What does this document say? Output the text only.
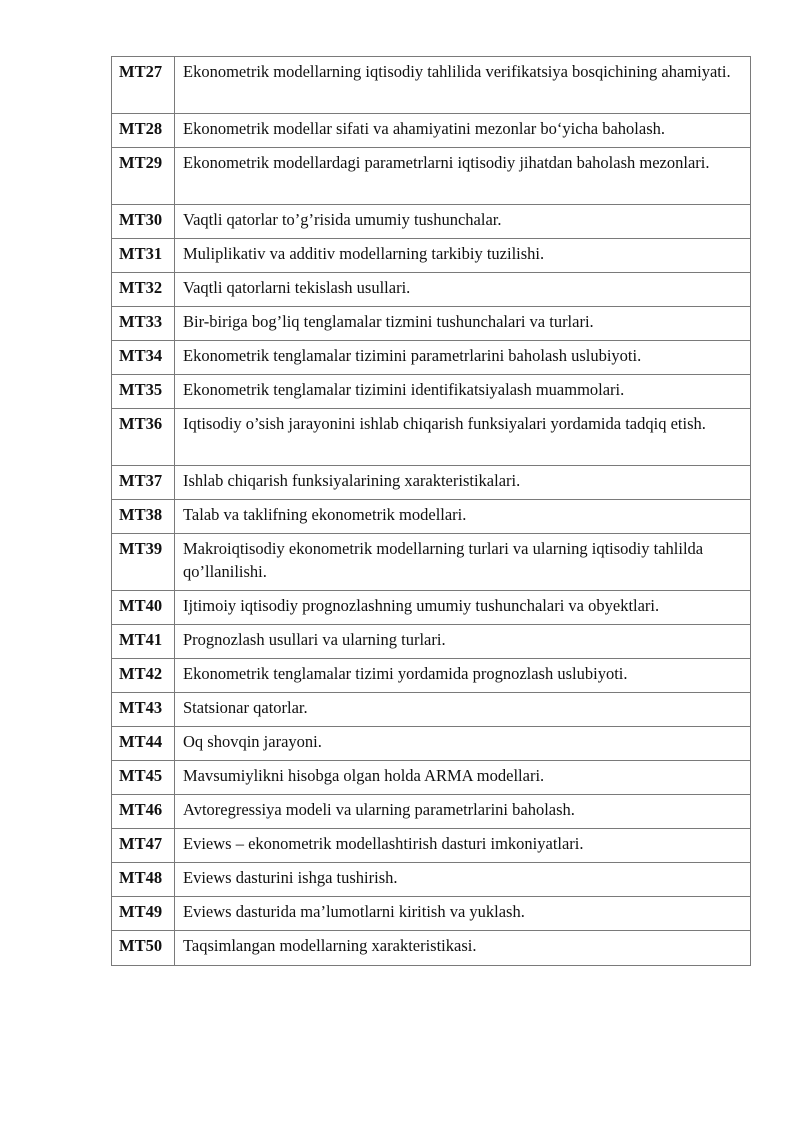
MT27	Ekonometrik modellarning iqtisodiy tahlilida verifikatsiya bosqichining ahamiyati.
MT28	Ekonometrik modellar sifati va ahamiyatini mezonlar bo‘yicha baholash.
MT29	Ekonometrik modellardagi parametrlarni iqtisodiy jihatdan baholash mezonlari.
MT30	Vaqtli qatorlar to’g’risida umumiy tushunchalar.
MT31	Muliplikativ va additiv modellarning tarkibiy tuzilishi.
MT32	Vaqtli qatorlarni tekislash usullari.
MT33	Bir-biriga bog’liq tenglamalar tizmini tushunchalari va turlari.
MT34	Ekonometrik tenglamalar tizimini parametrlarini baholash uslubiyoti.
MT35	Ekonometrik tenglamalar tizimini identifikatsiyalash muammolari.
MT36	Iqtisodiy o’sish jarayonini ishlab chiqarish funksiyalari yordamida tadqiq etish.
MT37	Ishlab chiqarish funksiyalarining xarakteristikalari.
MT38	Talab va taklifning ekonometrik modellari.
MT39	Makroiqtisodiy ekonometrik modellarning turlari va ularning iqtisodiy tahlilda qo’llanilishi.
MT40	Ijtimoiy iqtisodiy prognozlashning umumiy tushunchalari va obyektlari.
MT41	Prognozlash usullari va ularning turlari.
MT42	Ekonometrik tenglamalar tizimi yordamida prognozlash uslubiyoti.
MT43	Statsionar qatorlar.
MT44	Oq shovqin jarayoni.
MT45	Mavsumiylikni hisobga olgan holda ARMA modellari.
MT46	Avtoregressiya modeli va ularning parametrlarini baholash.
MT47	Eviews – ekonometrik modellashtirish dasturi imkoniyatlari.
MT48	Eviews dasturini ishga tushirish.
MT49	Eviews dasturida ma’lumotlarni kiritish va yuklash.
MT50	Taqsimlangan modellarning xarakteristikasi.
